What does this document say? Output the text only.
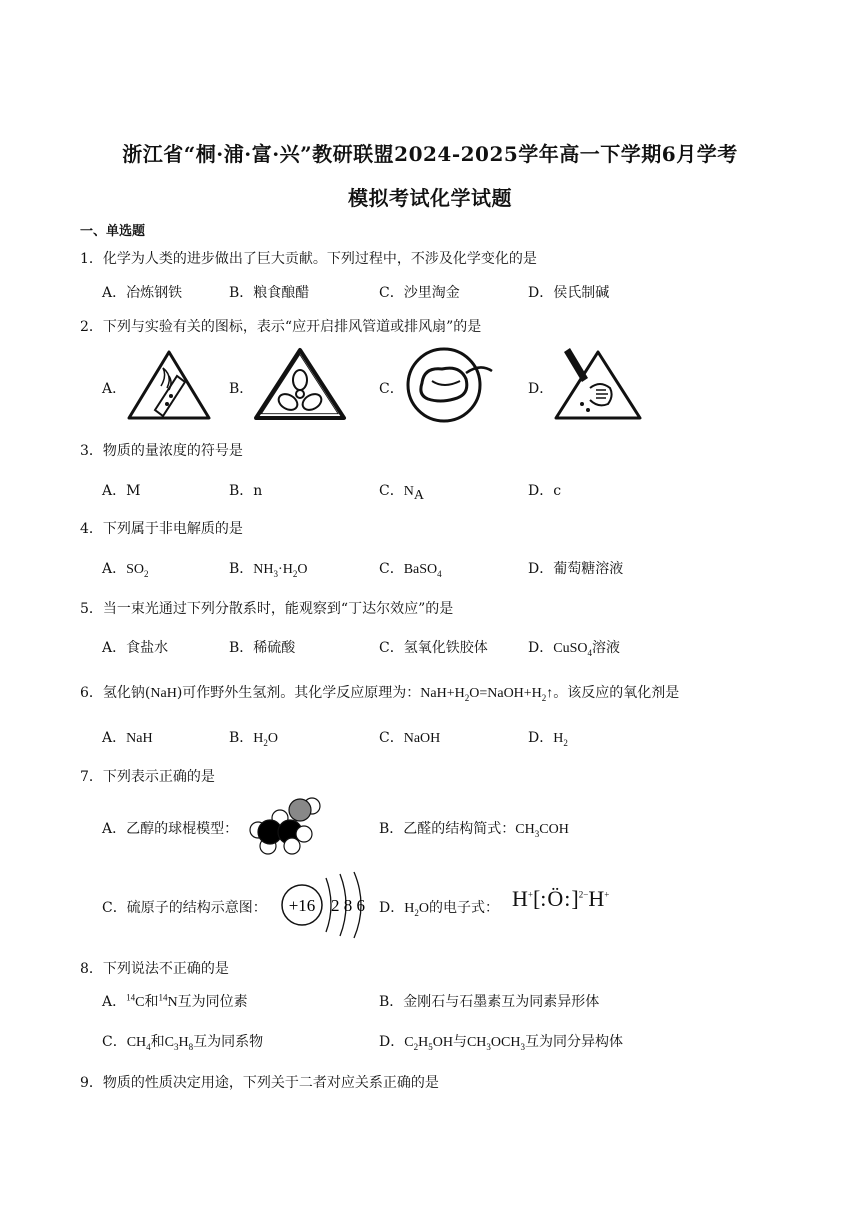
浙江省“桐·浦·富·兴”教研联盟2024-2025学年高一下学期6月学考
模拟考试化学试题
一、单选题
1．化学为人类的进步做出了巨大贡献。下列过程中，不涉及化学变化的是
A．冶炼钢铁	B．粮食酿醋	C．沙里淘金	D．侯氏制碱
2．下列与实验有关的图标，表示“应开启排风管道或排风扇”的是
A．	B．	C．	D．
3．物质的量浓度的符号是
A．M	B．n	C．$N_A$	D．c
4．下列属于非电解质的是
A．$SO_2$	B．$NH_3\cdot H_2O$	C．BaSO$_4$	D．葡萄糖溶液
5．当一束光通过下列分散系时，能观察到“丁达尔效应”的是
A．食盐水	B．稀硫酸	C．氢氧化铁胶体	D．CuSO$_4$溶液
6．氢化钠(NaH)可作野外生氢剂。其化学反应原理为：$NaH+H_2O=NaOH+H_2↑$。该反应的氧化剂是
A．NaH	B．$H_2O$	C．NaOH	D．$H_2$
7．下列表示正确的是
A．乙醇的球棍模型：	B．乙醛的结构简式：$CH_3COH$
C．硫原子的结构示意图： +16 2 8 6 D．$H_2O$的电子式： H+[:Ö:]$^{2-}$H+
8．下列说法不正确的是
A．$^{14}$C和$^{14}$N互为同位素	B．金刚石与石墨素互为同素异形体
C．$CH_4$和$C_3H_8$互为同系物	D．$C_2H_5OH$与$CH_3OCH_3$互为同分异构体
9．物质的性质决定用途，下列关于二者对应关系正确的是
